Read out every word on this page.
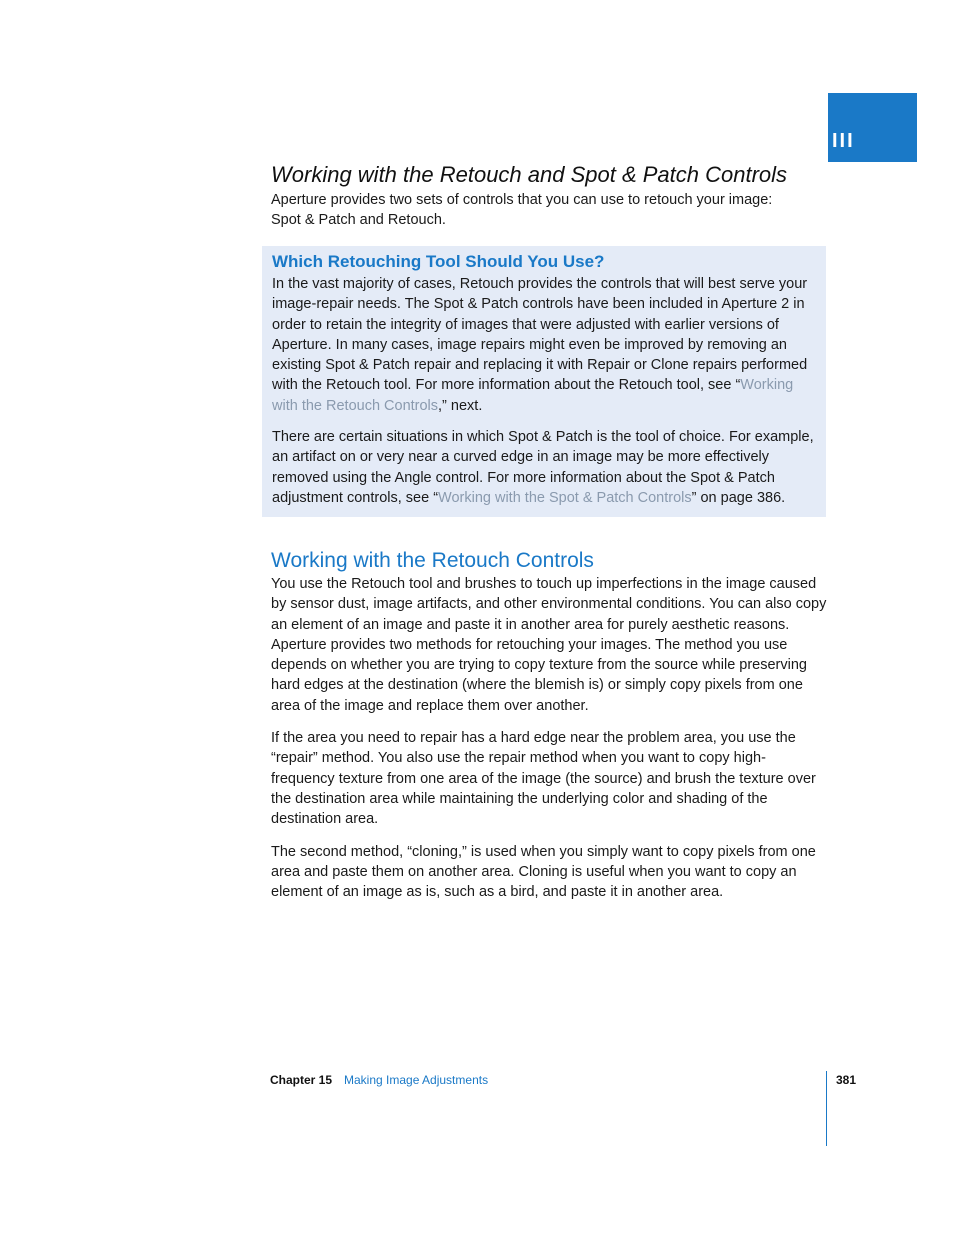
III
Working with the Retouch and Spot & Patch Controls

Aperture provides two sets of controls that you can use to retouch your image: Spot & Patch and Retouch.

Which Retouching Tool Should You Use?

In the vast majority of cases, Retouch provides the controls that will best serve your image-repair needs. The Spot & Patch controls have been included in Aperture 2 in order to retain the integrity of images that were adjusted with earlier versions of Aperture. In many cases, image repairs might even be improved by removing an existing Spot & Patch repair and replacing it with Repair or Clone repairs performed with the Retouch tool. For more information about the Retouch tool, see “Working with the Retouch Controls,” next.

There are certain situations in which Spot & Patch is the tool of choice. For example, an artifact on or very near a curved edge in an image may be more effectively removed using the Angle control. For more information about the Spot & Patch adjustment controls, see “Working with the Spot & Patch Controls” on page 386.

Working with the Retouch Controls

You use the Retouch tool and brushes to touch up imperfections in the image caused by sensor dust, image artifacts, and other environmental conditions. You can also copy an element of an image and paste it in another area for purely aesthetic reasons. Aperture provides two methods for retouching your images. The method you use depends on whether you are trying to copy texture from the source while preserving hard edges at the destination (where the blemish is) or simply copy pixels from one area of the image and replace them over another.

If the area you need to repair has a hard edge near the problem area, you use the “repair” method. You also use the repair method when you want to copy high-frequency texture from one area of the image (the source) and brush the texture over the destination area while maintaining the underlying color and shading of the destination area.

The second method, “cloning,” is used when you simply want to copy pixels from one area and paste them on another area. Cloning is useful when you want to copy an element of an image as is, such as a bird, and paste it in another area.

Chapter 15 Making Image Adjustments	381
